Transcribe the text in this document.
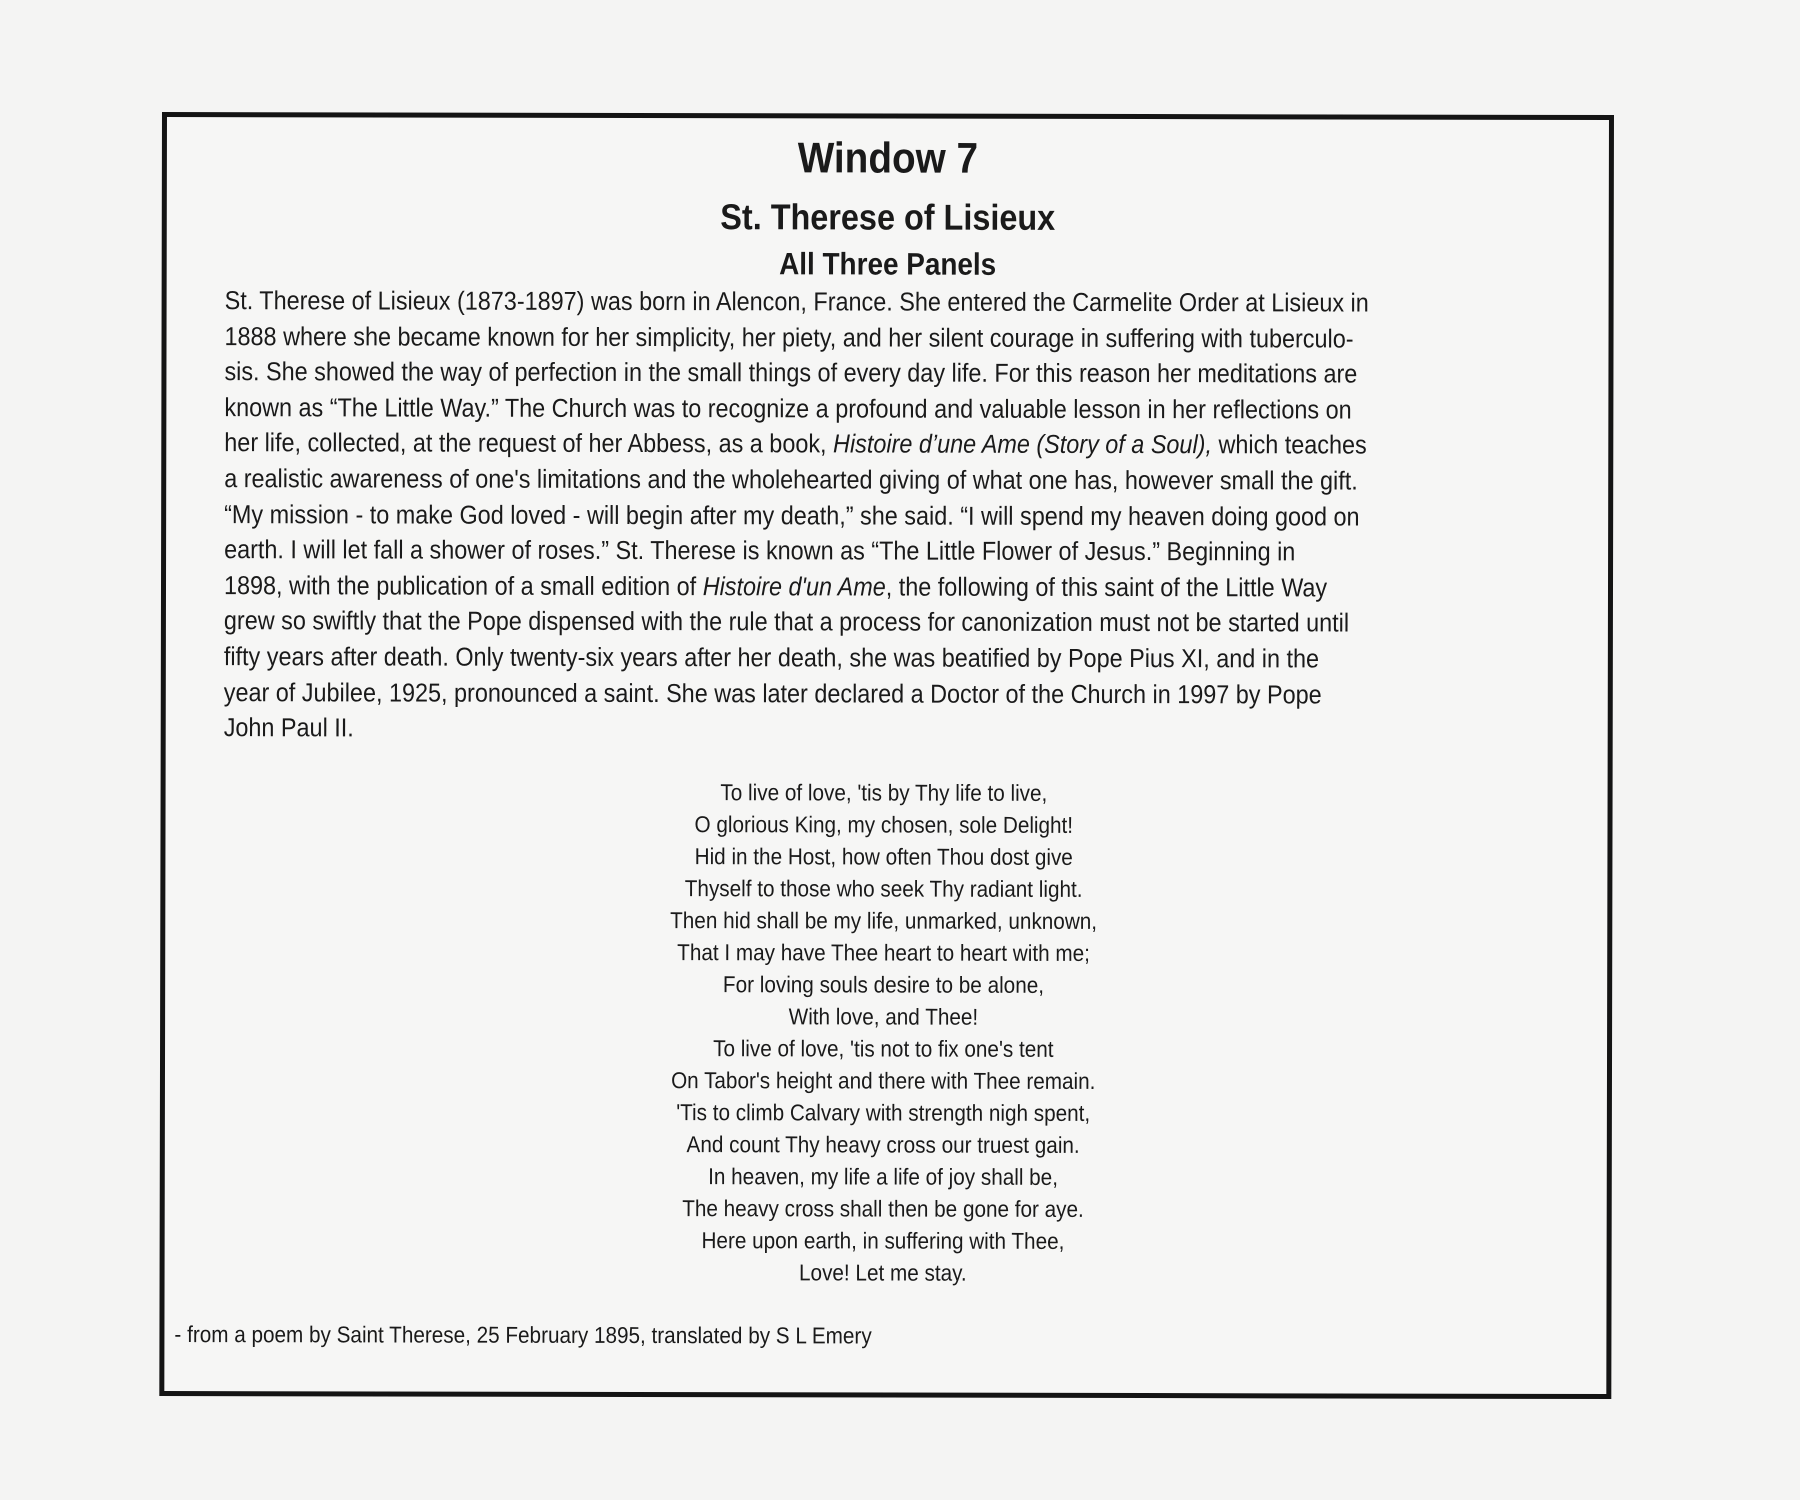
Window 7
St. Therese of Lisieux
All Three Panels
St. Therese of Lisieux (1873-1897) was born in Alencon, France. She entered the Carmelite Order at Lisieux in
1888 where she became known for her simplicity, her piety, and her silent courage in suffering with tuberculo-
sis. She showed the way of perfection in the small things of every day life. For this reason her meditations are
known as “The Little Way.” The Church was to recognize a profound and valuable lesson in her reflections on
her life, collected, at the request of her Abbess, as a book, Histoire d’une Ame (Story of a Soul), which teaches
a realistic awareness of one's limitations and the wholehearted giving of what one has, however small the gift.
“My mission - to make God loved - will begin after my death,” she said. “I will spend my heaven doing good on
earth. I will let fall a shower of roses.” St. Therese is known as “The Little Flower of Jesus.” Beginning in
1898, with the publication of a small edition of Histoire d'un Ame, the following of this saint of the Little Way
grew so swiftly that the Pope dispensed with the rule that a process for canonization must not be started until
fifty years after death. Only twenty-six years after her death, she was beatified by Pope Pius XI, and in the
year of Jubilee, 1925, pronounced a saint. She was later declared a Doctor of the Church in 1997 by Pope
John Paul II.
To live of love, 'tis by Thy life to live,
O glorious King, my chosen, sole Delight!
Hid in the Host, how often Thou dost give
Thyself to those who seek Thy radiant light.
Then hid shall be my life, unmarked, unknown,
That I may have Thee heart to heart with me;
For loving souls desire to be alone,
With love, and Thee!
To live of love, 'tis not to fix one's tent
On Tabor's height and there with Thee remain.
'Tis to climb Calvary with strength nigh spent,
And count Thy heavy cross our truest gain.
In heaven, my life a life of joy shall be,
The heavy cross shall then be gone for aye.
Here upon earth, in suffering with Thee,
Love! Let me stay.

- from a poem by Saint Therese, 25 February 1895, translated by S L Emery
